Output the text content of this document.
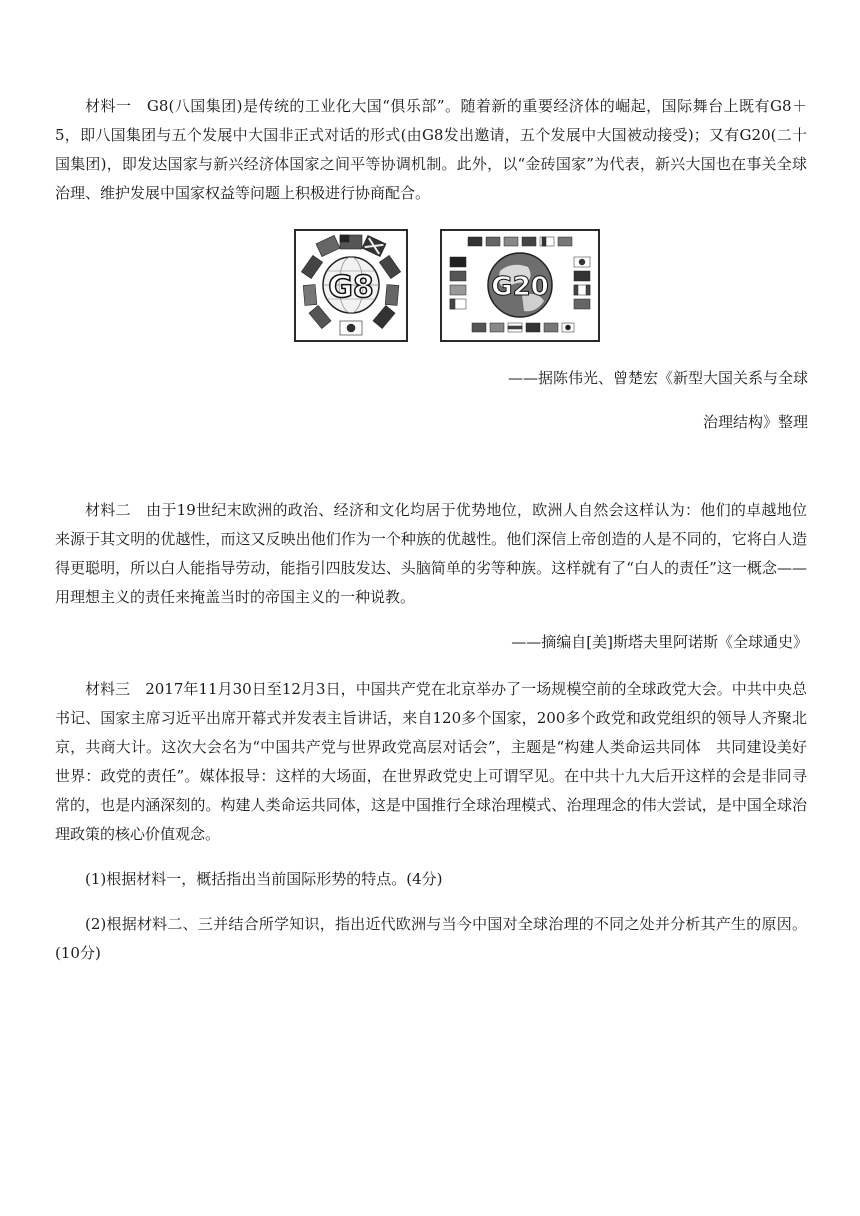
材料一　 G8(八国集团)是传统的工业化大国“俱乐部”。随着新的重要经济体的崛起，国际舞台上既有G8＋5，即八国集团与五个发展中大国非正式对话的形式(由G8发出邀请，五个发展中大国被动接受)；又有G20(二十国集团)，即发达国家与新兴经济体国家之间平等协调机制。此外，以“金砖国家”为代表，新兴大国也在事关全球治理、维护发展中国家权益等问题上积极进行协商配合。

G8	G20

——据陈伟光、曾楚宏《新型大国关系与全球

治理结构》整理

材料二　 由于19世纪末欧洲的政治、经济和文化均居于优势地位，欧洲人自然会这样认为：他们的卓越地位来源于其文明的优越性，而这又反映出他们作为一个种族的优越性。他们深信上帝创造的人是不同的，它将白人造得更聪明，所以白人能指导劳动，能指引四肢发达、头脑简单的劣等种族。这样就有了“白人的责任”这一概念——用理想主义的责任来掩盖当时的帝国主义的一种说教。

——摘编自[美]斯塔夫里阿诺斯《全球通史》

材料三　 2017年11月30日至12月3日，中国共产党在北京举办了一场规模空前的全球政党大会。中共中央总书记、国家主席习近平出席开幕式并发表主旨讲话，来自120多个国家，200多个政党和政党组织的领导人齐聚北京，共商大计。这次大会名为“中国共产党与世界政党高层对话会”，主题是“构建人类命运共同体　共同建设美好世界：政党的责任”。媒体报导：这样的大场面，在世界政党史上可谓罕见。在中共十九大后开这样的会是非同寻常的，也是内涵深刻的。构建人类命运共同体，这是中国推行全球治理模式、治理理念的伟大尝试，是中国全球治理政策的核心价值观念。

(1)根据材料一，概括指出当前国际形势的特点。(4分)

(2)根据材料二、三并结合所学知识，指出近代欧洲与当今中国对全球治理的不同之处并分析其产生的原因。(10分)
